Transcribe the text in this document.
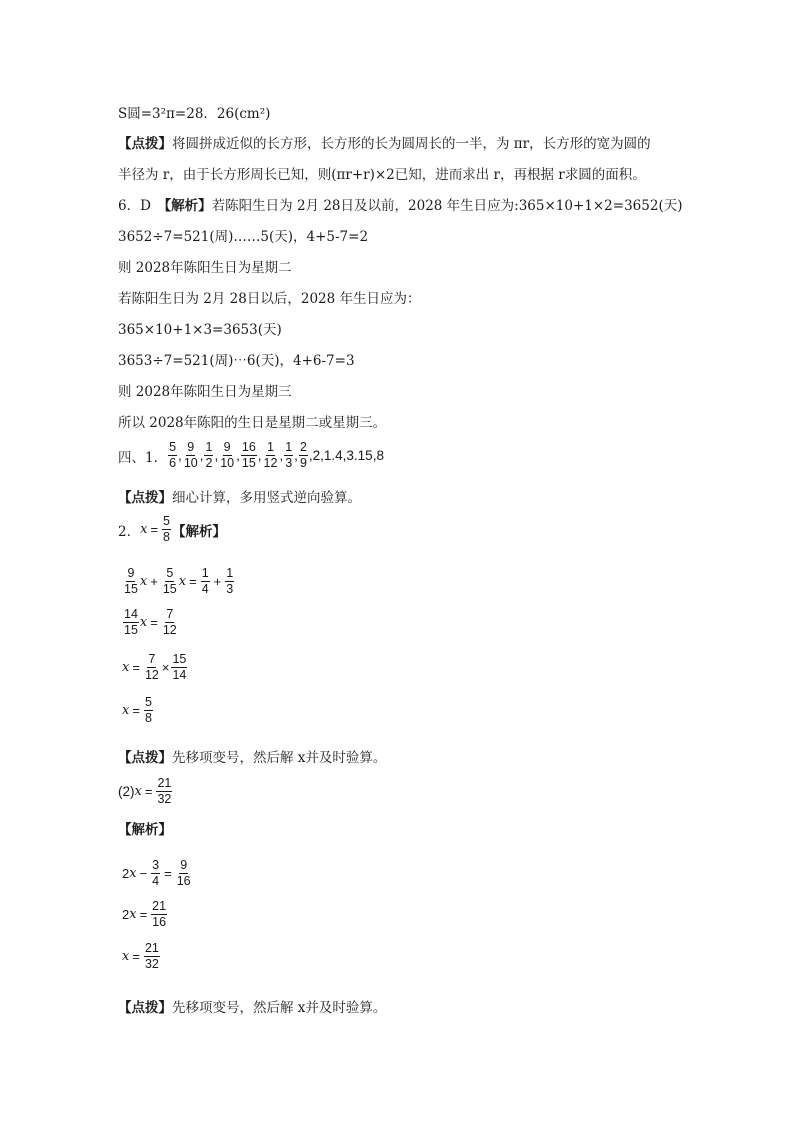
S圆=3²π=28．26(cm²)
【点拨】将圆拼成近似的长方形，长方形的长为圆周长的一半，为 πr，长方形的宽为圆的
半径为 r，由于长方形周长已知，则(πr+r)×2已知，进而求出 r，再根据 r求圆的面积。
6．D　【解析】若陈阳生日为 2月 28日及以前，2028 年生日应为:365×10+1×2=3652(天)
3652÷7=521(周)……5(天)，4+5-7=2
则 2028年陈阳生日为星期二
若陈阳生日为 2月 28日以后，2028 年生日应为：
365×10+1×3=3653(天)
3653÷7=521(周)⋯6(天)，4+6-7=3
则 2028年陈阳生日为星期三
所以 2028年陈阳的生日是星期二或星期三。
四、1． $\frac{5}{6}$ , $\frac{9}{10}$ , $\frac{1}{2}$ , $\frac{9}{10}$ , $\frac{16}{15}$ , $\frac{1}{12}$ , $\frac{1}{3}$ , $\frac{2}{9} ,2,1.4,3.15,8$
【点拨】细心计算，多用竖式逆向验算。
2． $x = \frac{5}{8}$ 【解析】
$\frac{9}{15}$ $x + \frac{5}{15}$ $x = \frac{1}{4} + \frac{1}{3}$
$\frac{14}{15}$ $x = \frac{7}{12}$
$x = \frac{7}{12} \times \frac{15}{14}$
$x = \frac{5}{8}$
【点拨】先移项变号，然后解 x并及时验算。
(2) $x = \frac{21}{32}$
【解析】
2 $x - \frac{3}{4} = \frac{9}{16}$
2 $x = \frac{21}{16}$
$x = \frac{21}{32}$
【点拨】先移项变号，然后解 x并及时验算。
